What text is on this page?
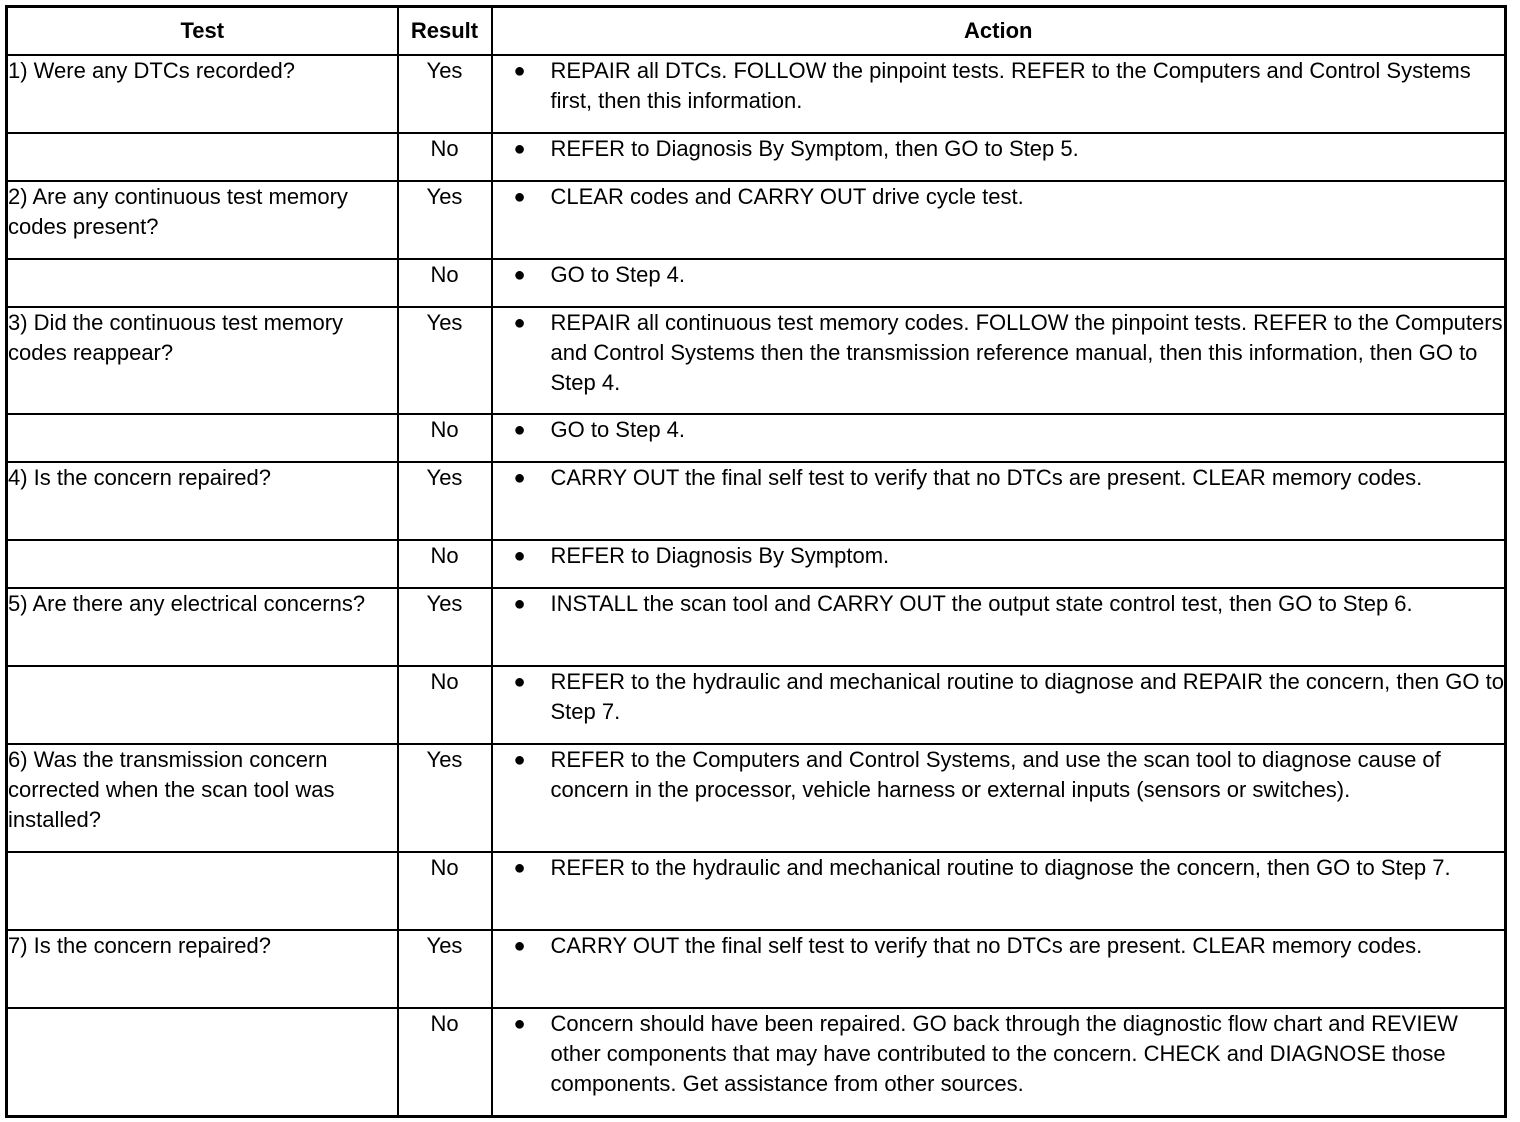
Test	Result	Action
1) Were any DTCs recorded?	Yes	● REPAIR all DTCs. FOLLOW the pinpoint tests. REFER to the Computers and Control Systems first, then this information.

	No	● REFER to Diagnosis By Symptom, then GO to Step 5.

2) Are any continuous test memory codes present?	Yes	● CLEAR codes and CARRY OUT drive cycle test.

	No	● GO to Step 4.

3) Did the continuous test memory codes reappear?	Yes	● REPAIR all continuous test memory codes. FOLLOW the pinpoint tests. REFER to the Computers and Control Systems then the transmission reference manual, then this information, then GO to Step 4.

	No	● GO to Step 4.

4) Is the concern repaired?	Yes	● CARRY OUT the final self test to verify that no DTCs are present. CLEAR memory codes.

	No	● REFER to Diagnosis By Symptom.

5) Are there any electrical concerns?	Yes	● INSTALL the scan tool and CARRY OUT the output state control test, then GO to Step 6.

	No	● REFER to the hydraulic and mechanical routine to diagnose and REPAIR the concern, then GO to Step 7.

6) Was the transmission concern corrected when the scan tool was installed?	Yes	● REFER to the Computers and Control Systems, and use the scan tool to diagnose cause of concern in the processor, vehicle harness or external inputs (sensors or switches).

	No	● REFER to the hydraulic and mechanical routine to diagnose the concern, then GO to Step 7.

7) Is the concern repaired?	Yes	● CARRY OUT the final self test to verify that no DTCs are present. CLEAR memory codes.

	No	● Concern should have been repaired. GO back through the diagnostic flow chart and REVIEW other components that may have contributed to the concern. CHECK and DIAGNOSE those components. Get assistance from other sources.
